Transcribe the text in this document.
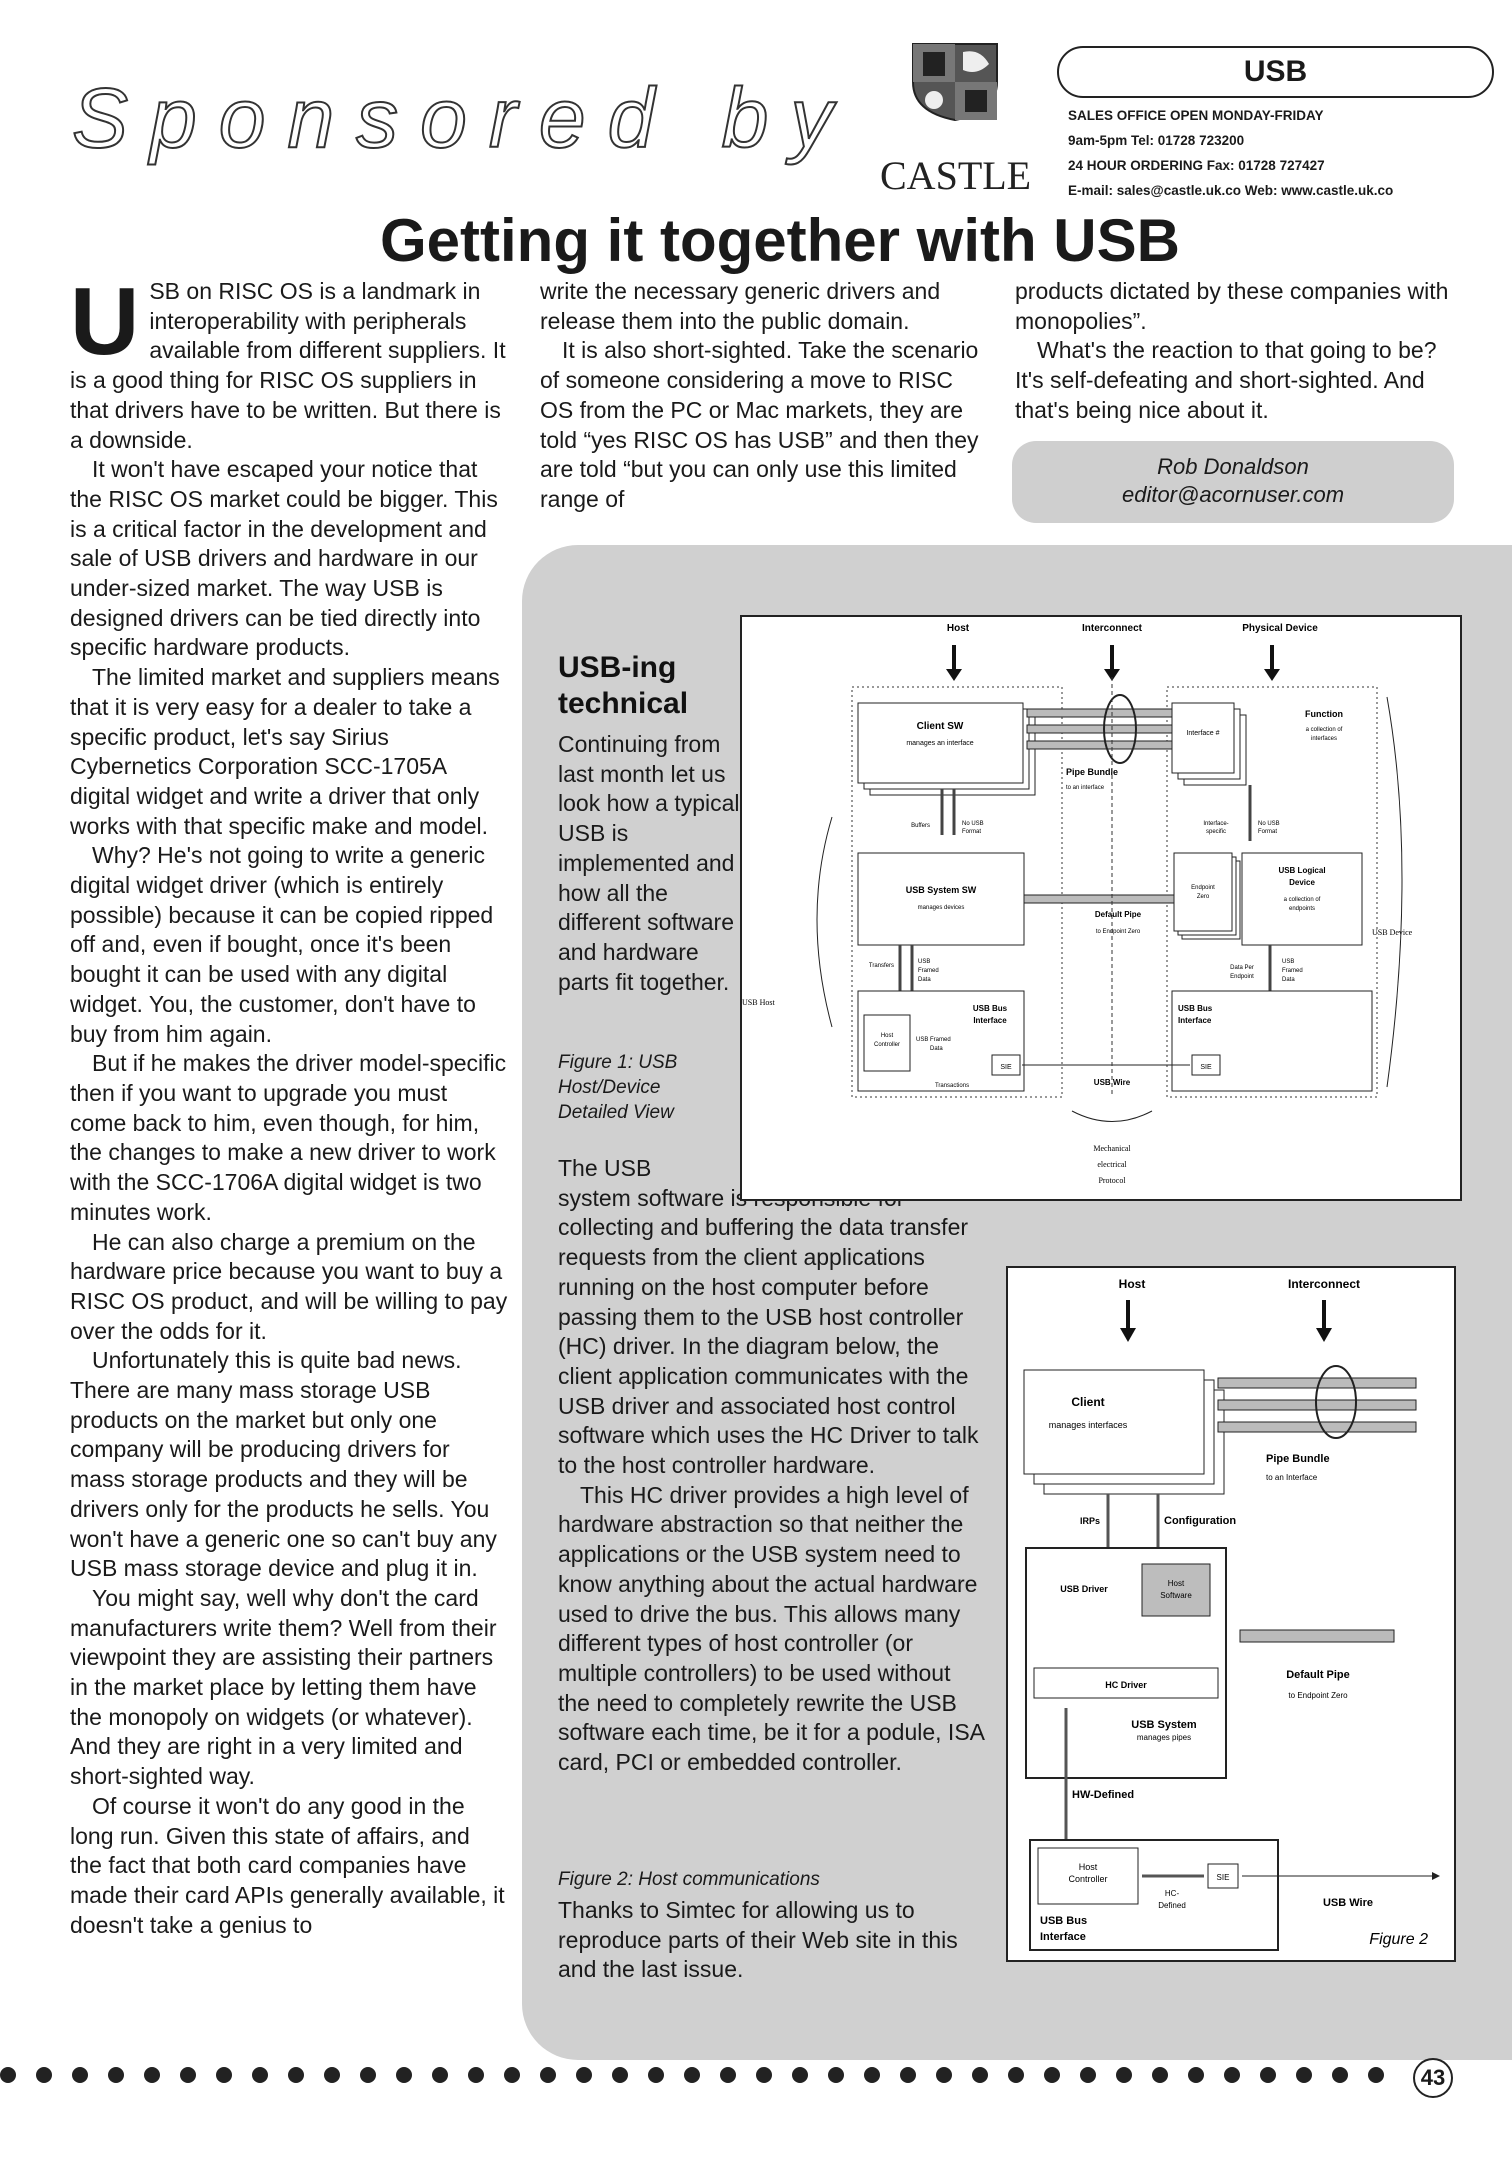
Sponsored by
CASTLE
USB
SALES OFFICE OPEN MONDAY-FRIDAY
9am-5pm Tel: 01728 723200
24 HOUR ORDERING Fax: 01728 727427
E-mail: sales@castle.uk.co Web: www.castle.uk.co
Getting it together with USB

USB on RISC OS is a landmark in interoperability with peripherals available from different suppliers. It is a good thing for RISC OS suppliers in that drivers have to be written. But there is a downside.

It won't have escaped your notice that the RISC OS market could be bigger. This is a critical factor in the development and sale of USB drivers and hardware in our under-sized market. The way USB is designed drivers can be tied directly into specific hardware products.

The limited market and suppliers means that it is very easy for a dealer to take a specific product, let's say Sirius Cybernetics Corporation SCC-1705A digital widget and write a driver that only works with that specific make and model.

Why? He's not going to write a generic digital widget driver (which is entirely possible) because it can be copied ripped off and, even if bought, once it's been bought it can be used with any digital widget. You, the customer, don't have to buy from him again.

But if he makes the driver model-specific then if you want to upgrade you must come back to him, even though, for him, the changes to make a new driver to work with the SCC-1706A digital widget is two minutes work.

He can also charge a premium on the hardware price because you want to buy a RISC OS product, and will be willing to pay over the odds for it.

Unfortunately this is quite bad news. There are many mass storage USB products on the market but only one company will be producing drivers for mass storage products and they will be drivers only for the products he sells. You won't have a generic one so can't buy any USB mass storage device and plug it in.

You might say, well why don't the card manufacturers write them? Well from their viewpoint they are assisting their partners in the market place by letting them have the monopoly on widgets (or whatever). And they are right in a very limited and short-sighted way.

Of course it won't do any good in the long run. Given this state of affairs, and the fact that both card companies have made their card APIs generally available, it doesn't take a genius to

write the necessary generic drivers and release them into the public domain.

It is also short-sighted. Take the scenario of someone considering a move to RISC OS from the PC or Mac markets, they are told “yes RISC OS has USB” and then they are told “but you can only use this limited range of

products dictated by these companies with monopolies”.

What's the reaction to that going to be? It's self-defeating and short-sighted. And that's being nice about it.

Rob Donaldson
editor@acornuser.com
USB-ing
technical
Continuing from last month let us look how a typical USB is implemented and how all the different software and hardware parts fit together.
Figure 1: USB Host/Device Detailed View
Figure 1

The USB
system software is responsible for collecting and buffering the data transfer requests from the client applications running on the host computer before passing them to the USB host controller (HC) driver. In the diagram below, the client application communicates with the USB driver and associated host control software which uses the HC Driver to talk to the host controller hardware.

This HC driver provides a high level of hardware abstraction so that neither the applications or the USB system need to know anything about the actual hardware used to drive the bus. This allows many different types of host controller (or multiple controllers) to be used without the need to completely rewrite the USB software each time, be it for a podule, ISA card, PCI or embedded controller.

Figure 2: Host communications
Thanks to Simtec for allowing us to reproduce parts of their Web site in this and the last issue.
Host	Interconnect	Physical Device
Client SW
manages an interface
Pipe Bundle
to an interface
Interface #
Function
a collection of
interfaces
Buffers	No USB
Format
Interface-
specific
No USB
Format
USB System SW
manages devices
Default Pipe
to Endpoint Zero
Endpoint
Zero
USB Logical
Device
a collection of
endpoints
USB Device
USB Host
Transfers
USB
Framed
Data
Data Per
Endpoint
USB
Framed
Data
USB Bus
Interface
Host
Controller
USB Framed
Data
SIE
Transactions
USB Bus
Interface
SIE
USB Wire
Mechanical
electrical
Protocol
Host	Interconnect
Client
manages interfaces
Pipe Bundle
to an Interface
IRPs	Configuration
USB Driver
Host
Software
Default Pipe
to Endpoint Zero
HC Driver
USB System
manages pipes
HW-Defined
Host
Controller
HC-
Defined
SIE
USB Wire
USB Bus
Interface	Figure 2
43
